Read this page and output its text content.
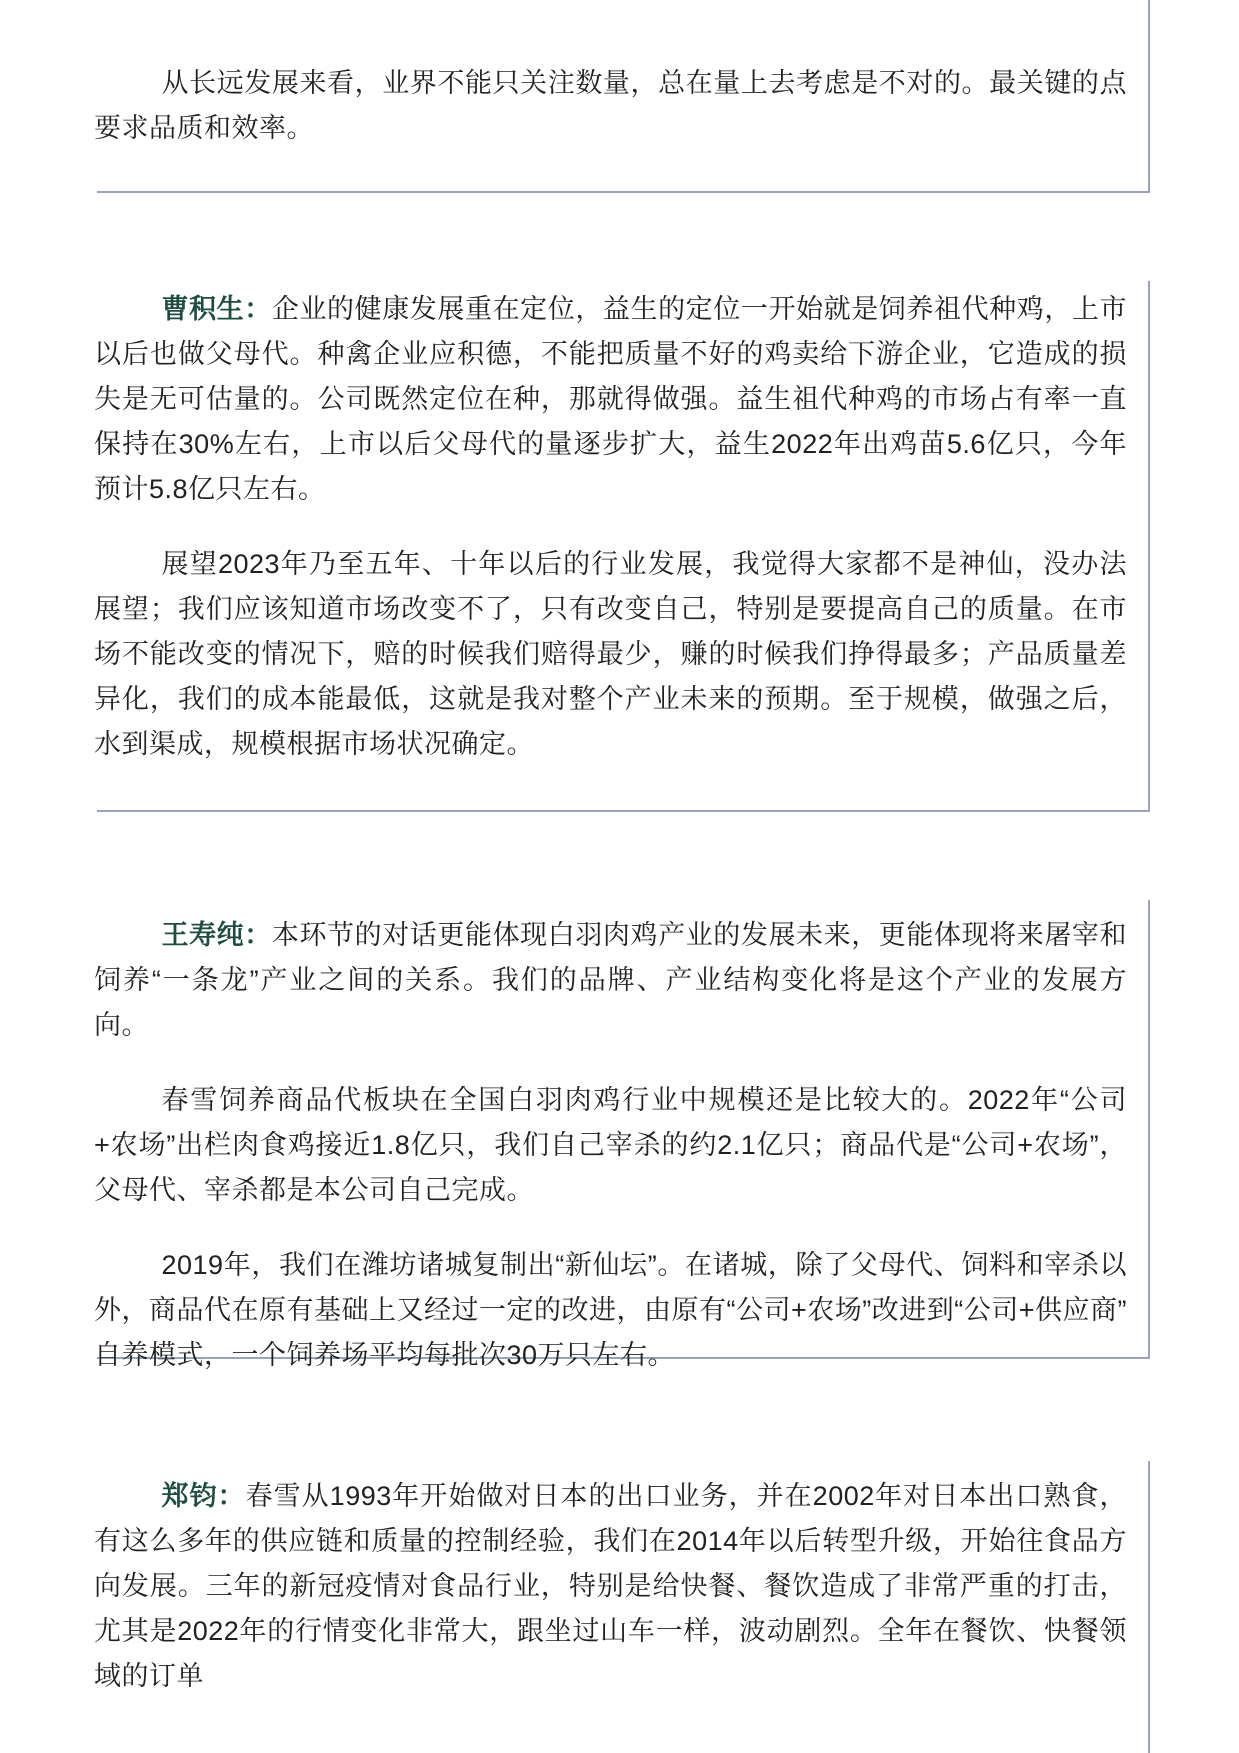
从长远发展来看，业界不能只关注数量，总在量上去考虑是不对的。最关键的点要求品质和效率。

曹积生：企业的健康发展重在定位，益生的定位一开始就是饲养祖代种鸡，上市以后也做父母代。种禽企业应积德，不能把质量不好的鸡卖给下游企业，它造成的损失是无可估量的。公司既然定位在种，那就得做强。益生祖代种鸡的市场占有率一直保持在30%左右，上市以后父母代的量逐步扩大，益生2022年出鸡苗5.6亿只，今年预计5.8亿只左右。

展望2023年乃至五年、十年以后的行业发展，我觉得大家都不是神仙，没办法展望；我们应该知道市场改变不了，只有改变自己，特别是要提高自己的质量。在市场不能改变的情况下，赔的时候我们赔得最少，赚的时候我们挣得最多；产品质量差异化，我们的成本能最低，这就是我对整个产业未来的预期。至于规模，做强之后，水到渠成，规模根据市场状况确定。

王寿纯：本环节的对话更能体现白羽肉鸡产业的发展未来，更能体现将来屠宰和饲养“一条龙”产业之间的关系。我们的品牌、产业结构变化将是这个产业的发展方向。

春雪饲养商品代板块在全国白羽肉鸡行业中规模还是比较大的。2022年“公司+农场”出栏肉食鸡接近1.8亿只，我们自己宰杀的约2.1亿只；商品代是“公司+农场”，父母代、宰杀都是本公司自己完成。

2019年，我们在潍坊诸城复制出“新仙坛”。在诸城，除了父母代、饲料和宰杀以外，商品代在原有基础上又经过一定的改进，由原有“公司+农场”改进到“公司+供应商”　自养模式，一个饲养场平均每批次30万只左右。

郑钧：春雪从1993年开始做对日本的出口业务，并在2002年对日本出口熟食，有这么多年的供应链和质量的控制经验，我们在2014年以后转型升级，开始往食品方向发展。三年的新冠疫情对食品行业，特别是给快餐、餐饮造成了非常严重的打击，尤其是2022年的行情变化非常大，跟坐过山车一样，波动剧烈。全年在餐饮、快餐领域的订单
